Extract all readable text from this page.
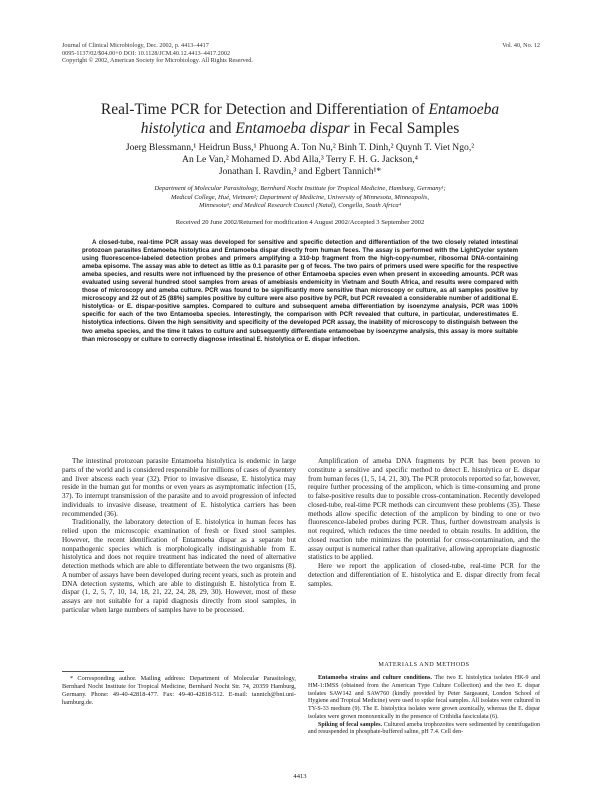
Journal of Clinical Microbiology, Dec. 2002, p. 4413–4417
0095-1137/02/$04.00+0 DOI: 10.1128/JCM.40.12.4413–4417.2002
Copyright © 2002, American Society for Microbiology. All Rights Reserved.
Vol. 40, No. 12
Real-Time PCR for Detection and Differentiation of Entamoeba
histolytica and Entamoeba dispar in Fecal Samples
Joerg Blessmann,¹ Heidrun Buss,¹ Phuong A. Ton Nu,² Binh T. Dinh,² Quynh T. Viet Ngo,²
An Le Van,² Mohamed D. Abd Alla,³ Terry F. H. G. Jackson,⁴
Jonathan I. Ravdin,³ and Egbert Tannich¹*
Department of Molecular Parasitology, Bernhard Nocht Institute for Tropical Medicine, Hamburg, Germany¹;
Medical College, Hué, Vietnam²; Department of Medicine, University of Minnesota, Minneapolis,
Minnesota³; and Medical Research Council (Natal), Congella, South Africa⁴
Received 20 June 2002/Returned for modification 4 August 2002/Accepted 3 September 2002
A closed-tube, real-time PCR assay was developed for sensitive and specific detection and differentiation of the two closely related intestinal protozoan parasites Entamoeba histolytica and Entamoeba dispar directly from human feces. The assay is performed with the LightCycler system using fluorescence-labeled detection probes and primers amplifying a 310-bp fragment from the high-copy-number, ribosomal DNA-containing ameba episome. The assay was able to detect as little as 0.1 parasite per g of feces. The two pairs of primers used were specific for the respective ameba species, and results were not influenced by the presence of other Entamoeba species even when present in exceeding amounts. PCR was evaluated using several hundred stool samples from areas of amebiasis endemicity in Vietnam and South Africa, and results were compared with those of microscopy and ameba culture. PCR was found to be significantly more sensitive than microscopy or culture, as all samples positive by microscopy and 22 out of 25 (88%) samples positive by culture were also positive by PCR, but PCR revealed a considerable number of additional E. histolytica- or E. dispar-positive samples. Compared to culture and subsequent ameba differentiation by isoenzyme analysis, PCR was 100% specific for each of the two Entamoeba species. Interestingly, the comparison with PCR revealed that culture, in particular, underestimates E. histolytica infections. Given the high sensitivity and specificity of the developed PCR assay, the inability of microscopy to distinguish between the two ameba species, and the time it takes to culture and subsequently differentiate entamoebae by isoenzyme analysis, this assay is more suitable than microscopy or culture to correctly diagnose intestinal E. histolytica or E. dispar infection.

The intestinal protozoan parasite Entamoeba histolytica is endemic in large parts of the world and is considered responsible for millions of cases of dysentery and liver abscess each year (32). Prior to invasive disease, E. histolytica may reside in the human gut for months or even years as asymptomatic infection (15, 37). To interrupt transmission of the parasite and to avoid progression of infected individuals to invasive disease, treatment of E. histolytica carriers has been recommended (36).

Traditionally, the laboratory detection of E. histolytica in human feces has relied upon the microscopic examination of fresh or fixed stool samples. However, the recent identification of Entamoeba dispar as a separate but nonpathogenic species which is morphologically indistinguishable from E. histolytica and does not require treatment has indicated the need of alternative detection methods which are able to differentiate between the two organisms (8). A number of assays have been developed during recent years, such as protein and DNA detection systems, which are able to distinguish E. histolytica from E. dispar (1, 2, 5, 7, 10, 14, 18, 21, 22, 24, 28, 29, 30). However, most of these assays are not suitable for a rapid diagnosis directly from stool samples, in particular when large numbers of samples have to be processed.

Amplification of ameba DNA fragments by PCR has been proven to constitute a sensitive and specific method to detect E. histolytica or E. dispar from human feces (1, 5, 14, 21, 30). The PCR protocols reported so far, however, require further processing of the amplicon, which is time-consuming and prone to false-positive results due to possible cross-contamination. Recently developed closed-tube, real-time PCR methods can circumvent these problems (35). These methods allow specific detection of the amplicon by binding to one or two fluorescence-labeled probes during PCR. Thus, further downstream analysis is not required, which reduces the time needed to obtain results. In addition, the closed reaction tube minimizes the potential for cross-contamination, and the assay output is numerical rather than qualitative, allowing appropriate diagnostic statistics to be applied.

Here we report the application of closed-tube, real-time PCR for the detection and differentiation of E. histolytica and E. dispar directly from fecal samples.

MATERIALS AND METHODS

Entamoeba strains and culture conditions. The two E. histolytica isolates HK-9 and HM-1:IMSS (obtained from the American Type Culture Collection) and the two E. dispar isolates SAW142 and SAW760 (kindly provided by Peter Sargeaunt, London School of Hygiene and Tropical Medicine) were used to spike fecal samples. All isolates were cultured in TY-S-33 medium (9). The E. histolytica isolates were grown axenically, whereas the E. dispar isolates were grown monoxenically in the presence of Crithidia fasciculata (6).

Spiking of fecal samples. Cultured ameba trophozoites were sedimented by centrifugation and resuspended in phosphate-buffered saline, pH 7.4. Cell den-

* Corresponding author. Mailing address: Department of Molecular Parasitology, Bernhard Nocht Institute for Tropical Medicine, Bernhard Nocht Str. 74, 20359 Hamburg, Germany. Phone: 49-40-42818-477. Fax: 49-40-42818-512. E-mail: tannich@bni.uni-hamburg.de.
4413
